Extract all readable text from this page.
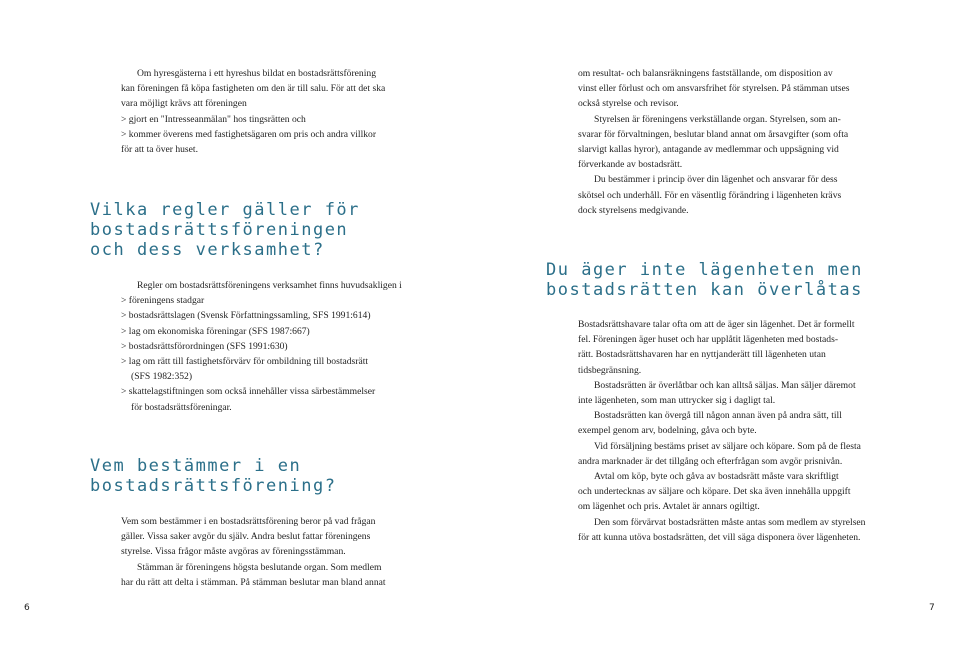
Om hyresgästerna i ett hyreshus bildat en bostadsrättsförening

kan föreningen få köpa fastigheten om den är till salu. För att det ska

vara möjligt krävs att föreningen

> gjort en "Intresseanmälan" hos tingsrätten och

> kommer överens med fastighetsägaren om pris och andra villkor

för att ta över huset.

Vilka regler gäller för
bostadsrättsföreningen
och dess verksamhet?

Regler om bostadsrättsföreningens verksamhet finns huvudsakligen i

> föreningens stadgar

> bostadsrättslagen (Svensk Författningssamling, SFS 1991:614)

> lag om ekonomiska föreningar (SFS 1987:667)

> bostadsrättsförordningen (SFS 1991:630)

> lag om rätt till fastighetsförvärv för ombildning till bostadsrätt

(SFS 1982:352)

> skattelagstiftningen som också innehåller vissa särbestämmelser

för bostadsrättsföreningar.

Vem bestämmer i en
bostadsrättsförening?

Vem som bestämmer i en bostadsrättsförening beror på vad frågan

gäller. Vissa saker avgör du själv. Andra beslut fattar föreningens

styrelse. Vissa frågor måste avgöras av föreningsstämman.

Stämman är föreningens högsta beslutande organ. Som medlem

har du rätt att delta i stämman. På stämman beslutar man bland annat

6

om resultat- och balansräkningens fastställande, om disposition av

vinst eller förlust och om ansvarsfrihet för styrelsen. På stämman utses

också styrelse och revisor.

Styrelsen är föreningens verkställande organ. Styrelsen, som an-

svarar för förvaltningen, beslutar bland annat om årsavgifter (som ofta

slarvigt kallas hyror), antagande av medlemmar och uppsägning vid

förverkande av bostadsrätt.

Du bestämmer i princip över din lägenhet och ansvarar för dess

skötsel och underhåll. För en väsentlig förändring i lägenheten krävs

dock styrelsens medgivande.

Du äger inte lägenheten men
bostadsrätten kan överlåtas

Bostadsrättshavare talar ofta om att de äger sin lägenhet. Det är formellt

fel. Föreningen äger huset och har upplåtit lägenheten med bostads-

rätt. Bostadsrättshavaren har en nyttjanderätt till lägenheten utan

tidsbegränsning.

Bostadsrätten är överlåtbar och kan alltså säljas. Man säljer däremot

inte lägenheten, som man uttrycker sig i dagligt tal.

Bostadsrätten kan övergå till någon annan även på andra sätt, till

exempel genom arv, bodelning, gåva och byte.

Vid försäljning bestäms priset av säljare och köpare. Som på de flesta

andra marknader är det tillgång och efterfrågan som avgör prisnivån.

Avtal om köp, byte och gåva av bostadsrätt måste vara skriftligt

och undertecknas av säljare och köpare. Det ska även innehålla uppgift

om lägenhet och pris. Avtalet är annars ogiltigt.

Den som förvärvat bostadsrätten måste antas som medlem av styrelsen

för att kunna utöva bostadsrätten, det vill säga disponera över lägenheten.

7
